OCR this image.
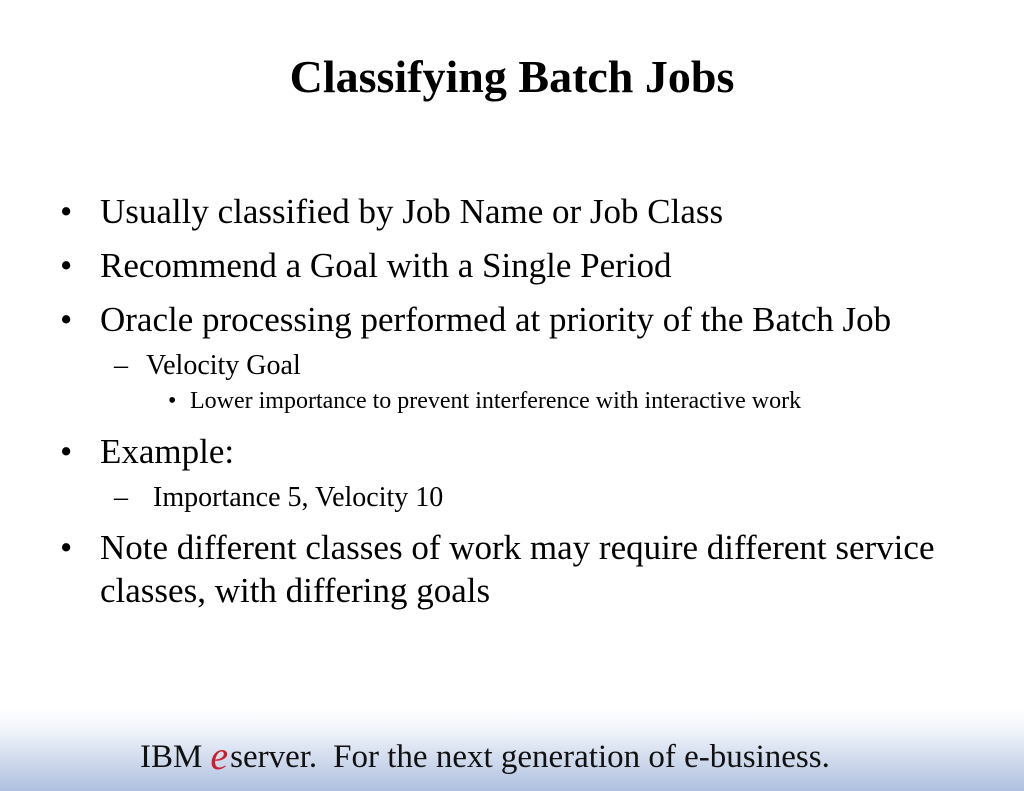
Classifying Batch Jobs
• Usually classified by Job Name or Job Class
• Recommend a Goal with a Single Period
• Oracle processing performed at priority of the Batch Job
– Velocity Goal
• Lower importance to prevent interference with interactive work
• Example:
– Importance 5, Velocity 10
• Note different classes of work may require different service classes, with differing goals
IBM eserver. For the next generation of e-business.
